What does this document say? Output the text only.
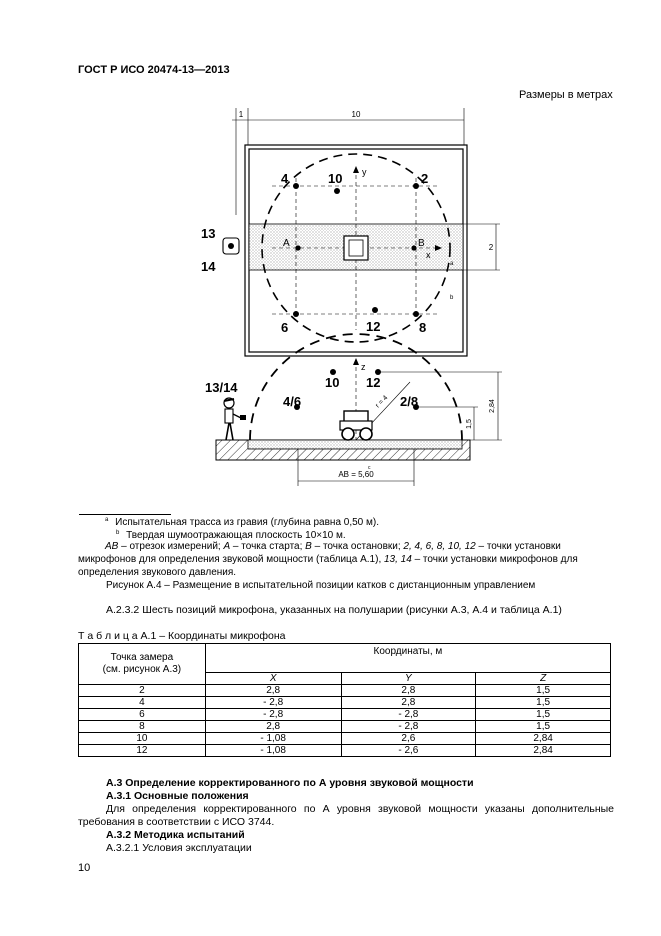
ГОСТ Р ИСО 20474-13—2013
Размеры в метрах
1	10
2
y
x
A	B
4	10	2
6	12	8
13
14	a
b
z
r = 4
4/6	2/8
10 12
13/14
1,5
2,84
AB = 5,60
c
$^a$ Испытательная трасса из гравия (глубина равна 0,50 м).
$^b$ Твердая шумоотражающая плоскость 10×10 м.
AB – отрезок измерений; A – точка старта; B – точка остановки; 2, 4, 6, 8, 10, 12 – точки установки микрофонов для определения звуковой мощности (таблица А.1), 13, 14 – точки установки микрофонов для определения звукового давления.
Рисунок А.4 – Размещение в испытательной позиции катков с дистанционным управлением
А.2.3.2 Шесть позиций микрофона, указанных на полушарии (рисунки А.3, А.4 и таблица А.1)
Т а б л и ц а А.1 – Координаты микрофона
Точка замера
(см. рисунок А.3)	Координаты, м		
	X	Y	Z
2	2,8	2,8	1,5
4	- 2,8	2,8	1,5
6	- 2,8	- 2,8	1,5
8	2,8	- 2,8	1,5
10	- 1,08	2,6	2,84
12	- 1,08	- 2,6	2,84
А.3 Определение корректированного по А уровня звуковой мощности
А.3.1 Основные положения
Для определения корректированного по А уровня звуковой мощности указаны дополнительные требования в соответствии с ИСО 3744.
А.3.2 Методика испытаний
А.3.2.1 Условия эксплуатации
10
